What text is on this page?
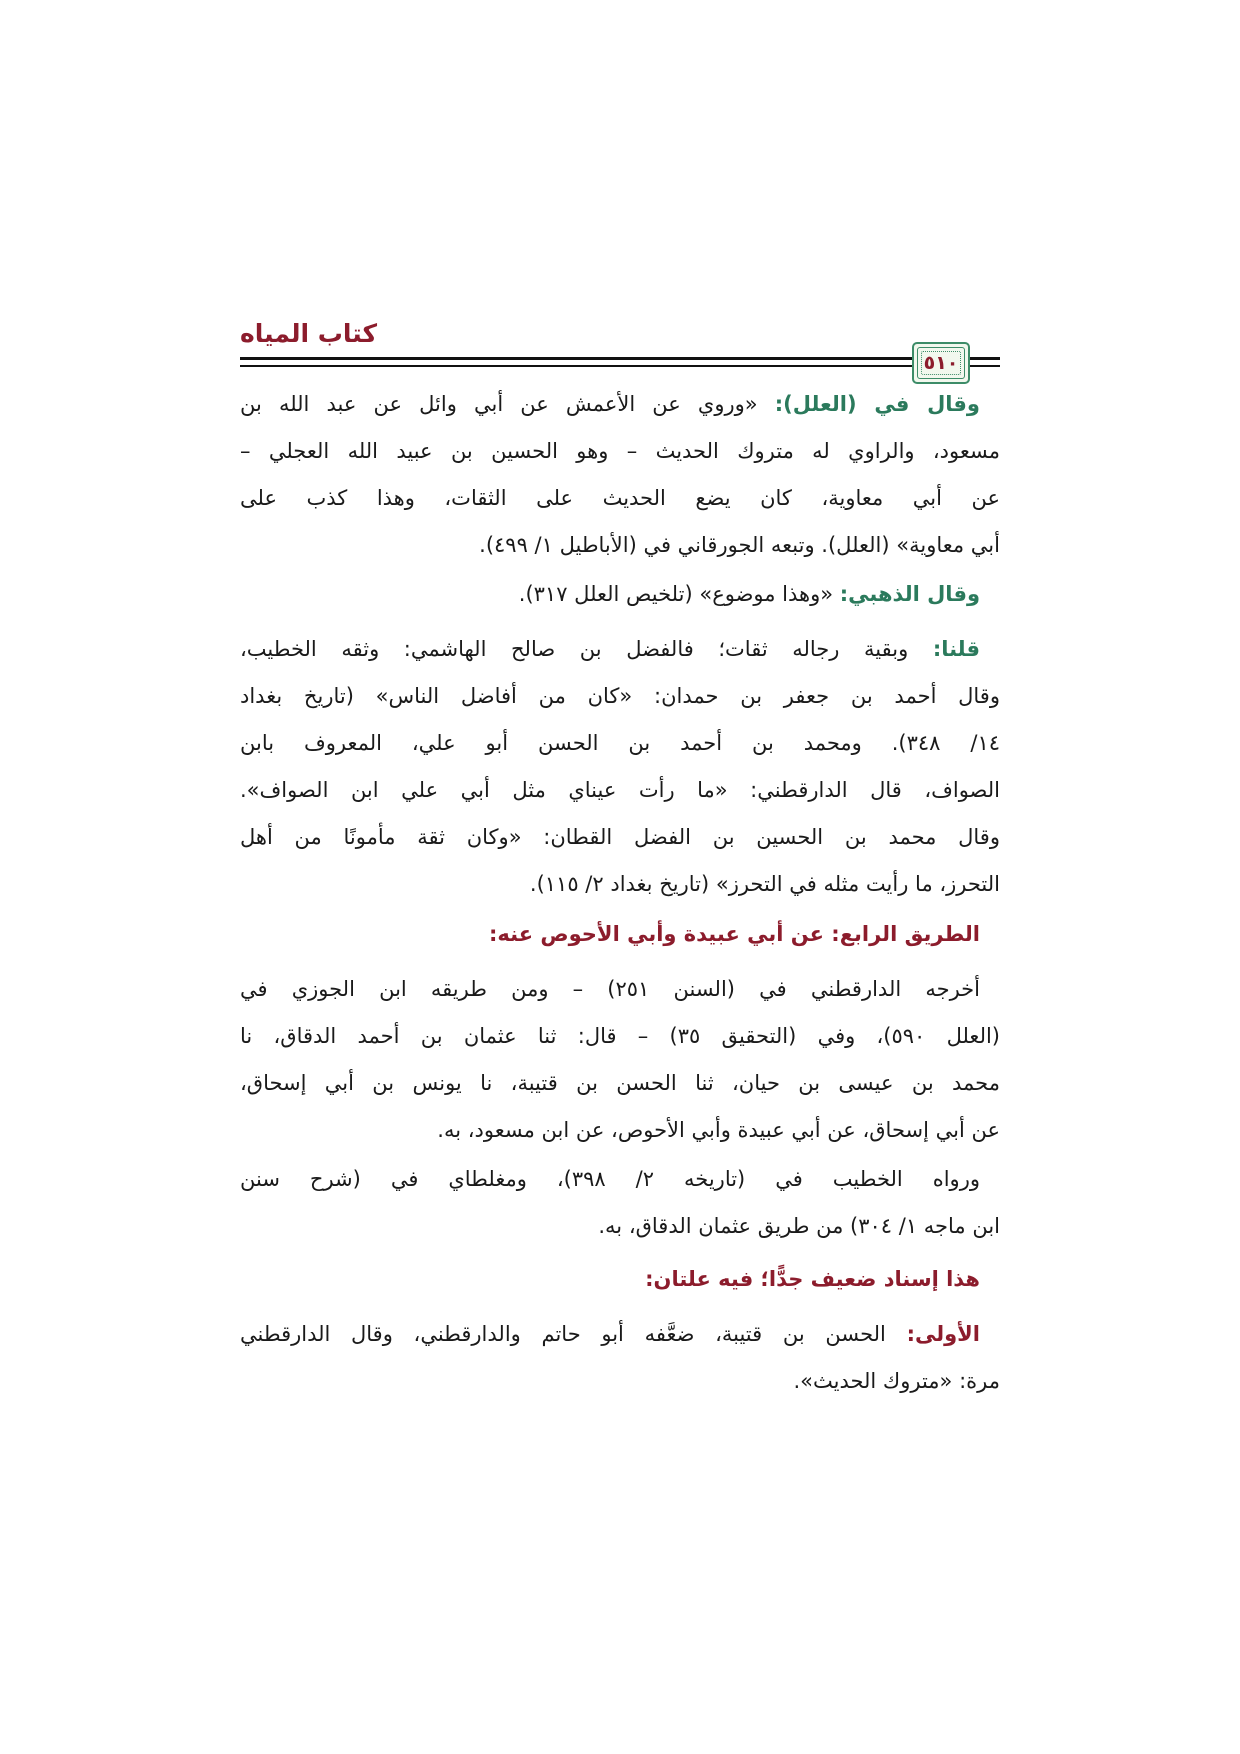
كتاب المياه
٥١٠
وقال في (العلل): «وروي عن الأعمش عن أبي وائل عن عبد الله بن
مسعود، والراوي له متروك الحديث – وهو الحسين بن عبيد الله العجلي –
عن أبي معاوية، كان يضع الحديث على الثقات، وهذا كذب على
أبي معاوية» (العلل). وتبعه الجورقاني في (الأباطيل ١/ ٤٩٩).
وقال الذهبي: «وهذا موضوع» (تلخيص العلل ٣١٧).
قلنا: وبقية رجاله ثقات؛ فالفضل بن صالح الهاشمي: وثقه الخطيب،
وقال أحمد بن جعفر بن حمدان: «كان من أفاضل الناس» (تاريخ بغداد
١٤/ ٣٤٨). ومحمد بن أحمد بن الحسن أبو علي، المعروف بابن
الصواف، قال الدارقطني: «ما رأت عيناي مثل أبي علي ابن الصواف».
وقال محمد بن الحسين بن الفضل القطان: «وكان ثقة مأمونًا من أهل
التحرز، ما رأيت مثله في التحرز» (تاريخ بغداد ٢/ ١١٥).
الطريق الرابع: عن أبي عبيدة وأبي الأحوص عنه:
أخرجه الدارقطني في (السنن ٢٥١) – ومن طريقه ابن الجوزي في
(العلل ٥٩٠)، وفي (التحقيق ٣٥) – قال: ثنا عثمان بن أحمد الدقاق، نا
محمد بن عيسى بن حيان، ثنا الحسن بن قتيبة، نا يونس بن أبي إسحاق،
عن أبي إسحاق، عن أبي عبيدة وأبي الأحوص، عن ابن مسعود، به.
ورواه الخطيب في (تاريخه ٢/ ٣٩٨)، ومغلطاي في (شرح سنن
ابن ماجه ١/ ٣٠٤) من طريق عثمان الدقاق، به.
هذا إسناد ضعيف جدًّا؛ فيه علتان:
الأولى: الحسن بن قتيبة، ضعَّفه أبو حاتم والدارقطني، وقال الدارقطني
مرة: «متروك الحديث».
